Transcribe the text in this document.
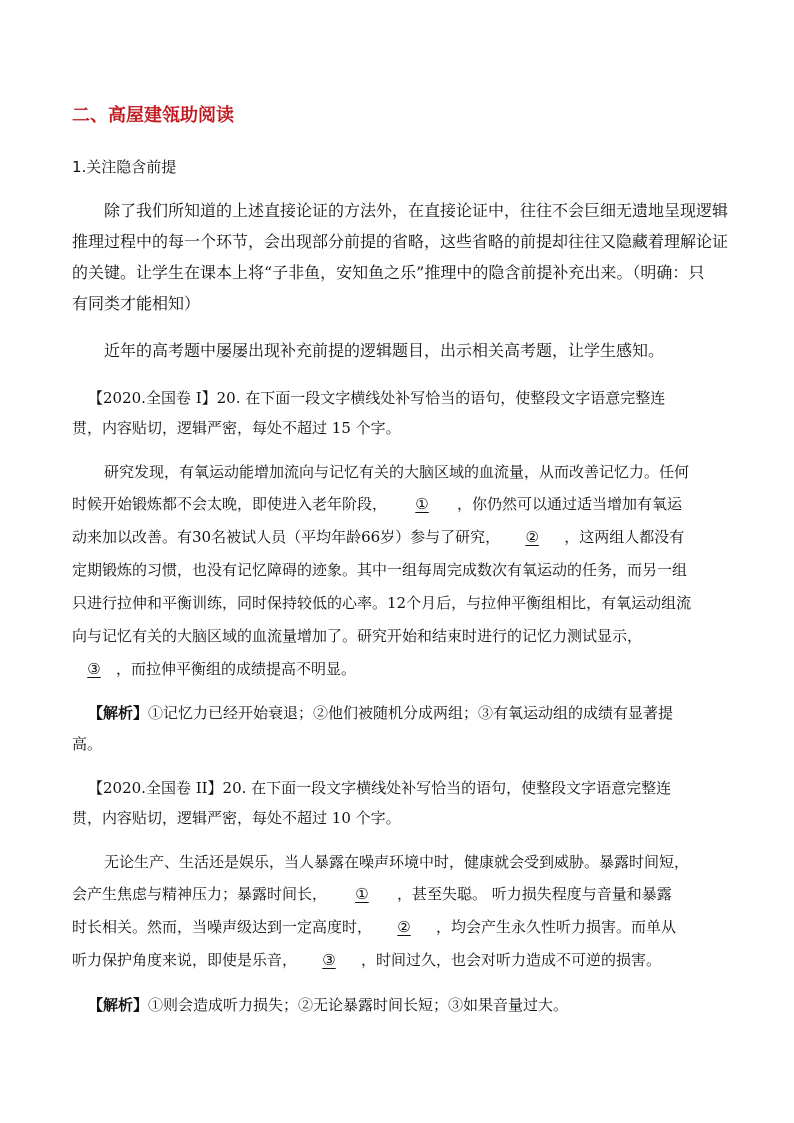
二、高屋建瓴助阅读
1.关注隐含前提
除了我们所知道的上述直接论证的方法外，在直接论证中，往往不会巨细无遗地呈现逻辑
推理过程中的每一个环节，会出现部分前提的省略，这些省略的前提却往往又隐藏着理解论证
的关键。让学生在课本上将“子非鱼，安知鱼之乐”推理中的隐含前提补充出来。（明确：只
有同类才能相知）
近年的高考题中屡屡出现补充前提的逻辑题目，出示相关高考题，让学生感知。
【2020.全国卷 I】20. 在下面一段文字横线处补写恰当的语句，使整段文字语意完整连
贯，内容贴切，逻辑严密，每处不超过 15 个字。
研究发现，有氧运动能增加流向与记忆有关的大脑区域的血流量，从而改善记忆力。任何
时候开始锻炼都不会太晚，即使进入老年阶段， ① ，你仍然可以通过适当增加有氧运
动来加以改善。有30名被试人员（平均年龄66岁）参与了研究， ② ，这两组人都没有
定期锻炼的习惯，也没有记忆障碍的迹象。其中一组每周完成数次有氧运动的任务，而另一组
只进行拉伸和平衡训练，同时保持较低的心率。12个月后，与拉伸平衡组相比，有氧运动组流
向与记忆有关的大脑区域的血流量增加了。研究开始和结束时进行的记忆力测试显示，
③ ，而拉伸平衡组的成绩提高不明显。
【解析】①记忆力已经开始衰退；②他们被随机分成两组；③有氧运动组的成绩有显著提
高。
【2020.全国卷 II】20. 在下面一段文字横线处补写恰当的语句，使整段文字语意完整连
贯，内容贴切，逻辑严密，每处不超过 10 个字。
无论生产、生活还是娱乐，当人暴露在噪声环境中时，健康就会受到威胁。暴露时间短，
会产生焦虑与精神压力；暴露时间长， ① ，甚至失聪。 听力损失程度与音量和暴露
时长相关。然而，当噪声级达到一定高度时， ② ，均会产生永久性听力损害。而单从
听力保护角度来说，即使是乐音， ③ ，时间过久，也会对听力造成不可逆的损害。
【解析】①则会造成听力损失；②无论暴露时间长短；③如果音量过大。
